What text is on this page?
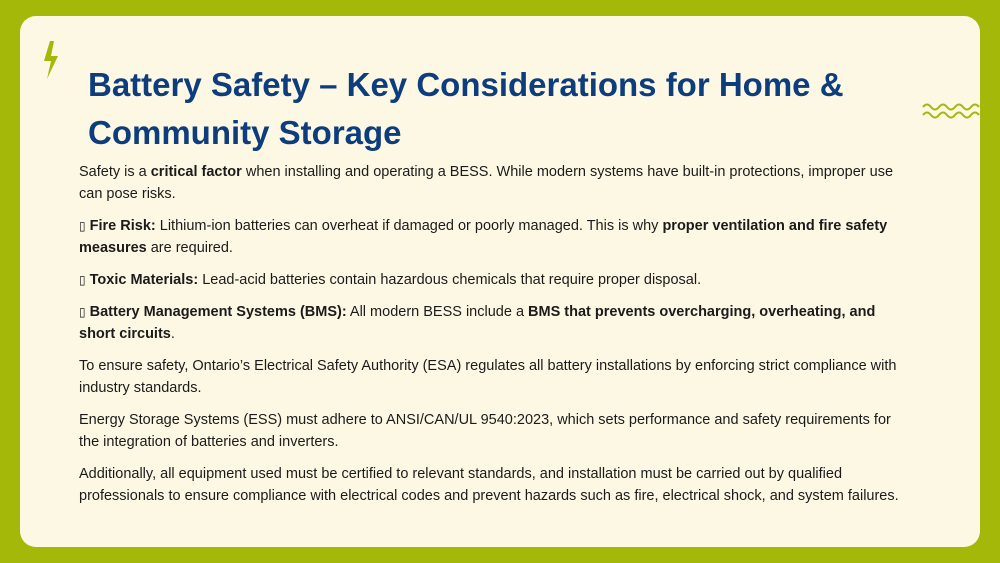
Battery Safety – Key Considerations for Home & Community Storage

Safety is a critical factor when installing and operating a BESS. While modern systems have built-in protections, improper use can pose risks.

▯ Fire Risk: Lithium-ion batteries can overheat if damaged or poorly managed. This is why proper ventilation and fire safety measures are required.

▯ Toxic Materials: Lead-acid batteries contain hazardous chemicals that require proper disposal.

▯ Battery Management Systems (BMS): All modern BESS include a BMS that prevents overcharging, overheating, and short circuits.

To ensure safety, Ontario’s Electrical Safety Authority (ESA) regulates all battery installations by enforcing strict compliance with industry standards.

Energy Storage Systems (ESS) must adhere to ANSI/CAN/UL 9540:2023, which sets performance and safety requirements for the integration of batteries and inverters.

Additionally, all equipment used must be certified to relevant standards, and installation must be carried out by qualified professionals to ensure compliance with electrical codes and prevent hazards such as fire, electrical shock, and system failures.
